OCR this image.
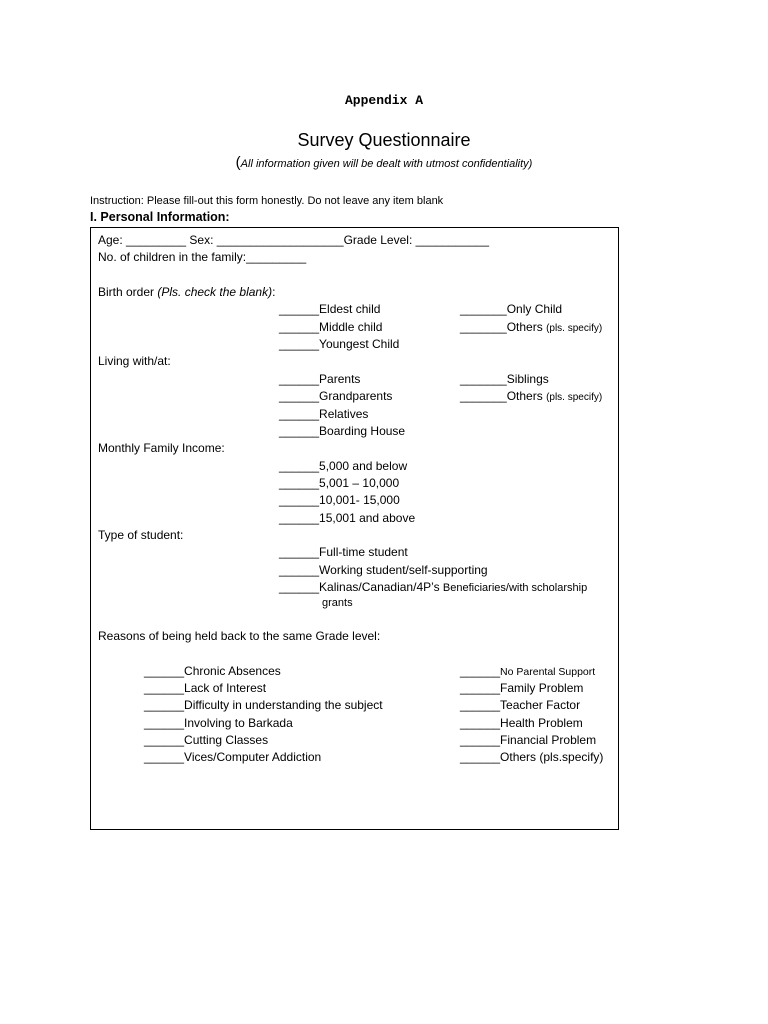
Appendix A
Survey Questionnaire
(All information given will be dealt with utmost confidentiality)
Instruction: Please fill-out this form honestly. Do not leave any item blank
I. Personal Information:
Age: _________ Sex: ___________________Grade Level: ___________
No. of children in the family:_________
Birth order (Pls. check the blank):
______Eldest child
______Middle child
______Youngest Child
_______Only Child
_______Others (pls. specify)
Living with/at:
______Parents
______Grandparents
______Relatives
______Boarding House
_______Siblings
_______Others (pls. specify)
Monthly Family Income:
______5,000 and below
______5,001 – 10,000
______10,001- 15,000
______15,001 and above
Type of student:
______Full-time student
______Working student/self-supporting
______Kalinas/Canadian/4P’s Beneficiaries/with scholarship
grants
Reasons of being held back to the same Grade level:
______Chronic Absences
______Lack of Interest
______Difficulty in understanding the subject
______Involving to Barkada
______Cutting Classes
______Vices/Computer Addiction
______No Parental Support
______Family Problem
______Teacher Factor
______Health Problem
______Financial Problem
______Others (pls.specify)
